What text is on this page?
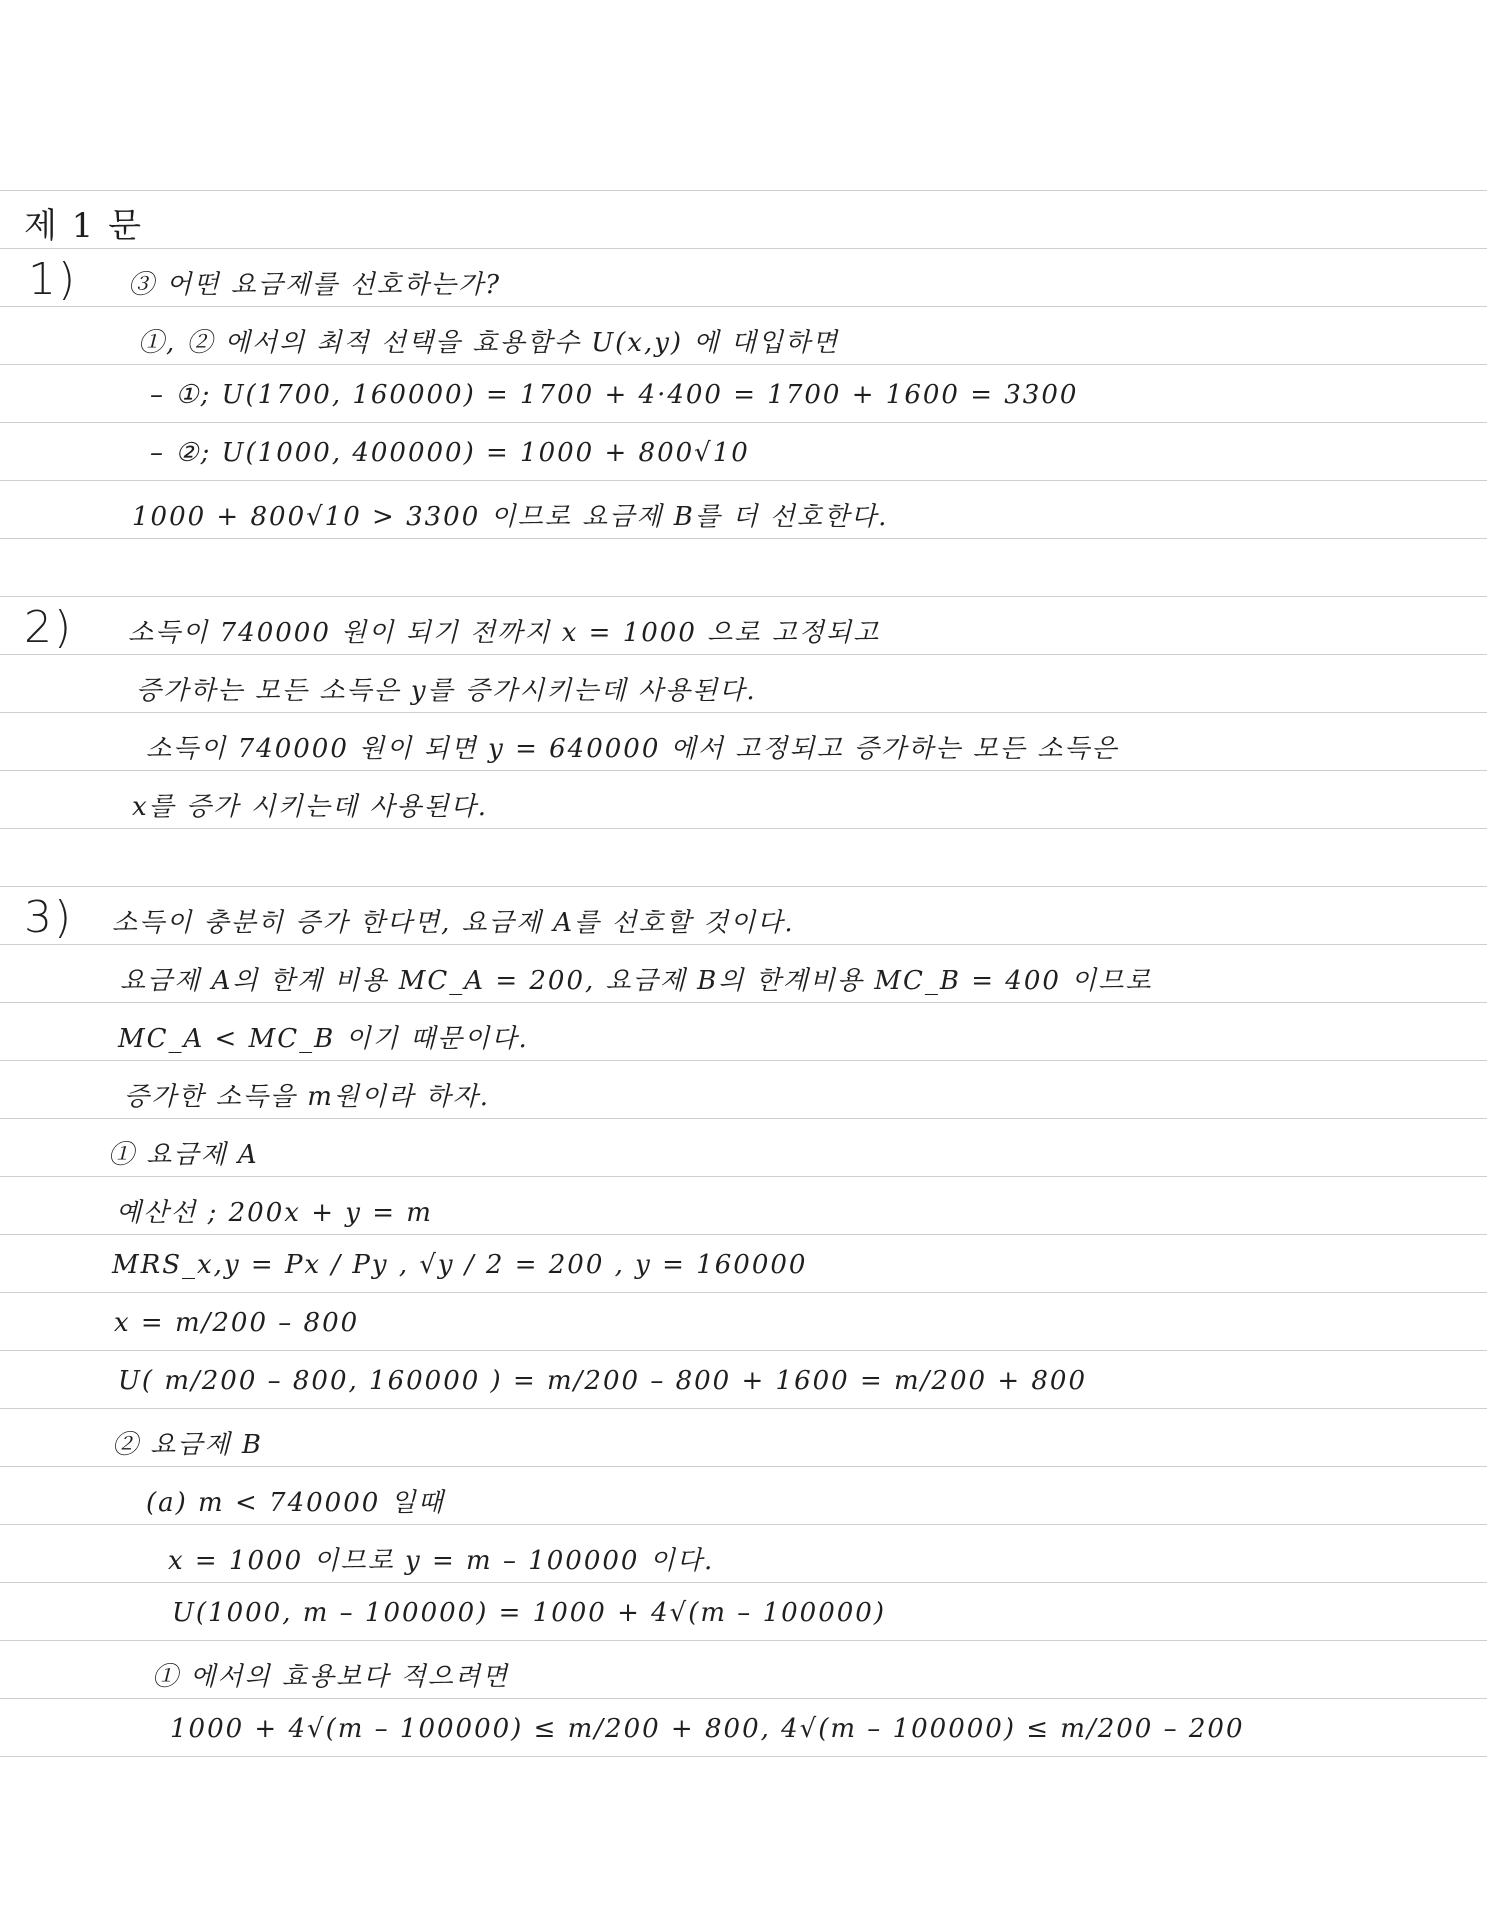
제 1 문
1) ③ 어떤 요금제를 선호하는가?
①, ② 에서의 최적 선택을 효용함수 U(x,y) 에 대입하면
– ①; U(1700, 160000) = 1700 + 4·400 = 1700 + 1600 = 3300
– ②; U(1000, 400000) = 1000 + 800√10
1000 + 800√10 > 3300 이므로 요금제 B를 더 선호한다.
2) 소득이 740000 원이 되기 전까지 x = 1000 으로 고정되고
증가하는 모든 소득은 y를 증가시키는데 사용된다.
소득이 740000 원이 되면 y = 640000 에서 고정되고 증가하는 모든 소득은
x를 증가 시키는데 사용된다.
3) 소득이 충분히 증가 한다면, 요금제 A를 선호할 것이다.
요금제 A의 한계 비용 MC_A = 200, 요금제 B의 한계비용 MC_B = 400 이므로
MC_A < MC_B 이기 때문이다.
증가한 소득을 m원이라 하자.
① 요금제 A
예산선 ; 200x + y = m
MRS_x,y = Px / Py , √y / 2 = 200 , y = 160000
x = m/200 – 800
U( m/200 – 800, 160000 ) = m/200 – 800 + 1600 = m/200 + 800
② 요금제 B
(a) m < 740000 일때
x = 1000 이므로 y = m – 100000 이다.
U(1000, m – 100000) = 1000 + 4√(m – 100000)
① 에서의 효용보다 적으려면
1000 + 4√(m – 100000) ≤ m/200 + 800, 4√(m – 100000) ≤ m/200 – 200
